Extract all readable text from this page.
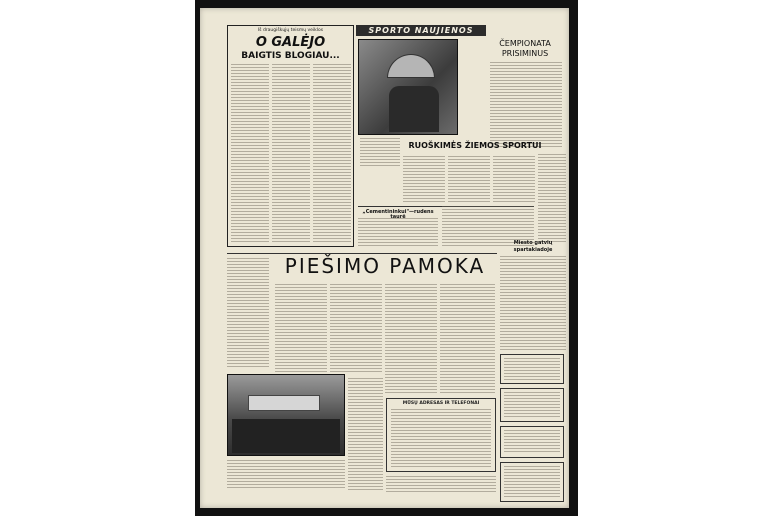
Iš draugiškųjų teismų veiklos
O GALĖJO
BAIGTIS BLOGIAU...
SPORTO NAUJIENOS
ČEMPIONATA
PRISIMINUS
RUOŠKIMĖS ŽIEMOS SPORTUI
„Cementininkui"—rudens taurė
Miesto gatvių
spartakiadoje
PIEŠIMO PAMOKA
MŪSŲ ADRESAS IR TELEFONAI
